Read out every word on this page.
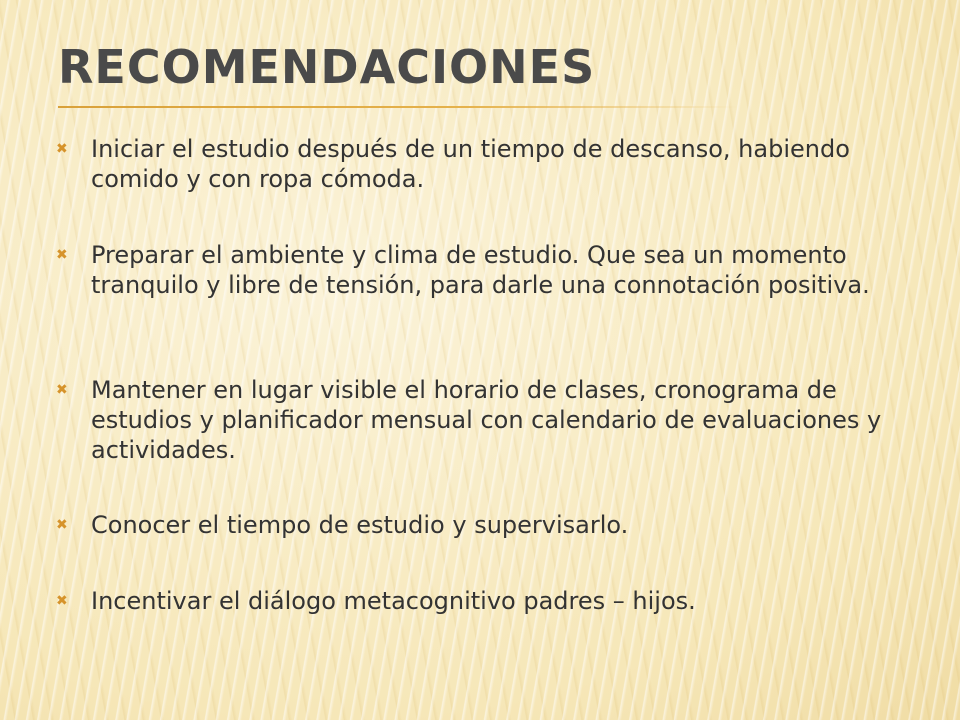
RECOMENDACIONES
✖ Iniciar el estudio después de un tiempo de descanso, habiendo comido y con ropa cómoda.
✖ Preparar el ambiente y clima de estudio. Que sea un momento tranquilo y libre de tensión, para darle una connotación positiva.
✖ Mantener en lugar visible el horario de clases, cronograma de estudios y planificador mensual con calendario de evaluaciones y actividades.
✖ Conocer el tiempo de estudio y supervisarlo.
✖ Incentivar el diálogo metacognitivo padres – hijos.
